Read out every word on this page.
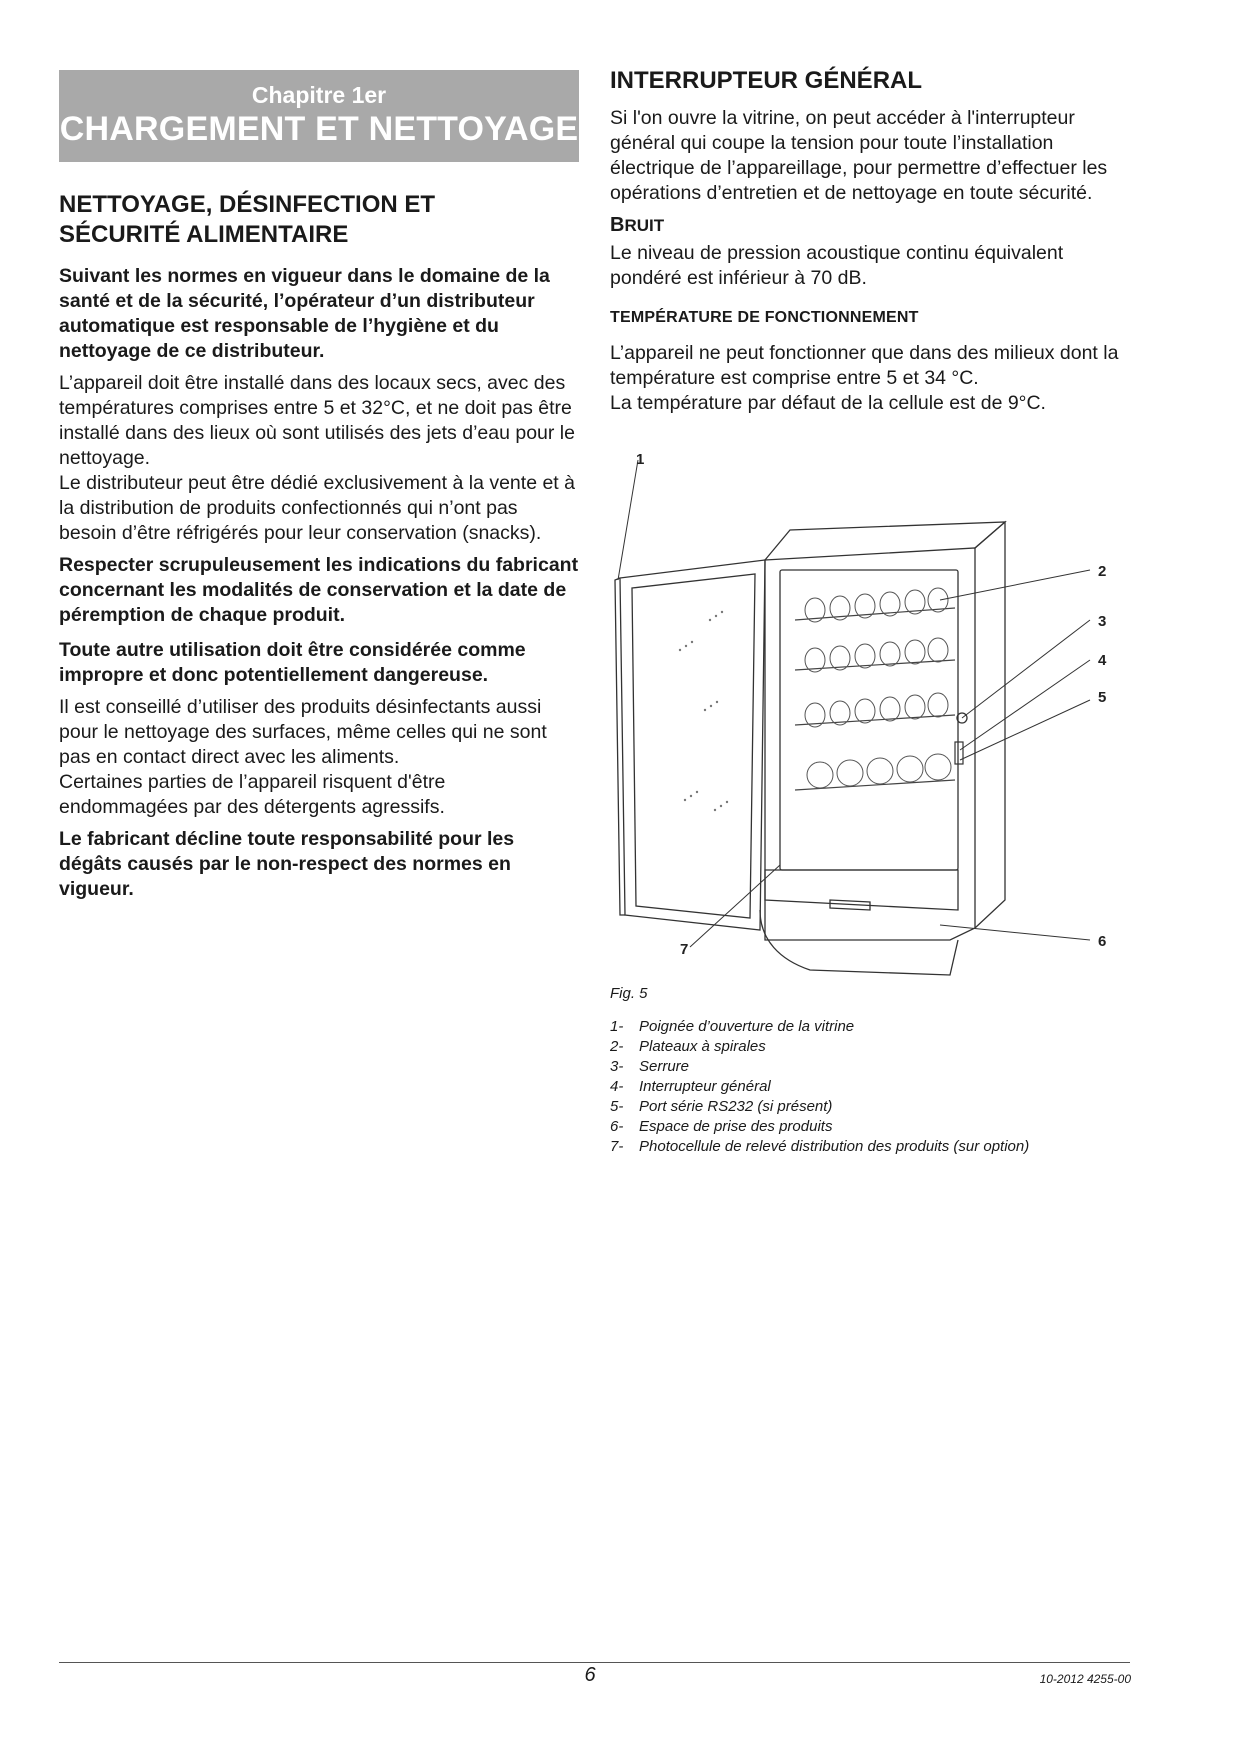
Chapitre 1er
CHARGEMENT ET NETTOYAGE
NETTOYAGE, DÉSINFECTION ET
SÉCURITÉ ALIMENTAIRE

Suivant les normes en vigueur dans le domaine de la santé et de la sécurité, l’opérateur d’un distributeur automatique est responsable de l’hygiène et du nettoyage de ce distributeur.

L’appareil doit être installé dans des locaux secs, avec des températures comprises entre 5 et 32°C, et ne doit pas être installé dans des lieux où sont utilisés des jets d’eau pour le nettoyage.

Le distributeur peut être dédié exclusivement à la vente et à la distribution de produits confectionnés qui n’ont pas besoin d’être réfrigérés pour leur conservation (snacks).

Respecter scrupuleusement les indications du fabricant concernant les modalités de conservation et la date de péremption de chaque produit.

Toute autre utilisation doit être considérée comme impropre et donc potentiellement dangereuse.

Il est conseillé d’utiliser des produits désinfectants aussi pour le nettoyage des surfaces, même celles qui ne sont pas en contact direct avec les aliments.

Certaines parties de l’appareil risquent d'être endommagées par des détergents agressifs.

Le fabricant décline toute responsabilité pour les dégâts causés par le non-respect des normes en vigueur.

INTERRUPTEUR GÉNÉRAL

Si l'on ouvre la vitrine, on peut accéder à l'interrupteur général qui coupe la tension pour toute l’installation électrique de l’appareillage, pour permettre d’effectuer les opérations d’entretien et de nettoyage en toute sécurité.

BRUIT

Le niveau de pression acoustique continu équivalent pondéré est inférieur à 70 dB.

TEMPÉRATURE DE FONCTIONNEMENT

L’appareil ne peut fonctionner que dans des milieux dont la température est comprise entre 5 et 34 °C.

La température par défaut de la cellule est de 9°C.

1
2
3
4
5
6
7
Fig. 5
1-	Poignée d’ouverture de la vitrine
2-	Plateaux à spirales
3-	Serrure
4-	Interrupteur général
5-	Port série RS232 (si présent)
6-	Espace de prise des produits
7-	Photocellule de relevé distribution des produits (sur option)
6	10-2012 4255-00
